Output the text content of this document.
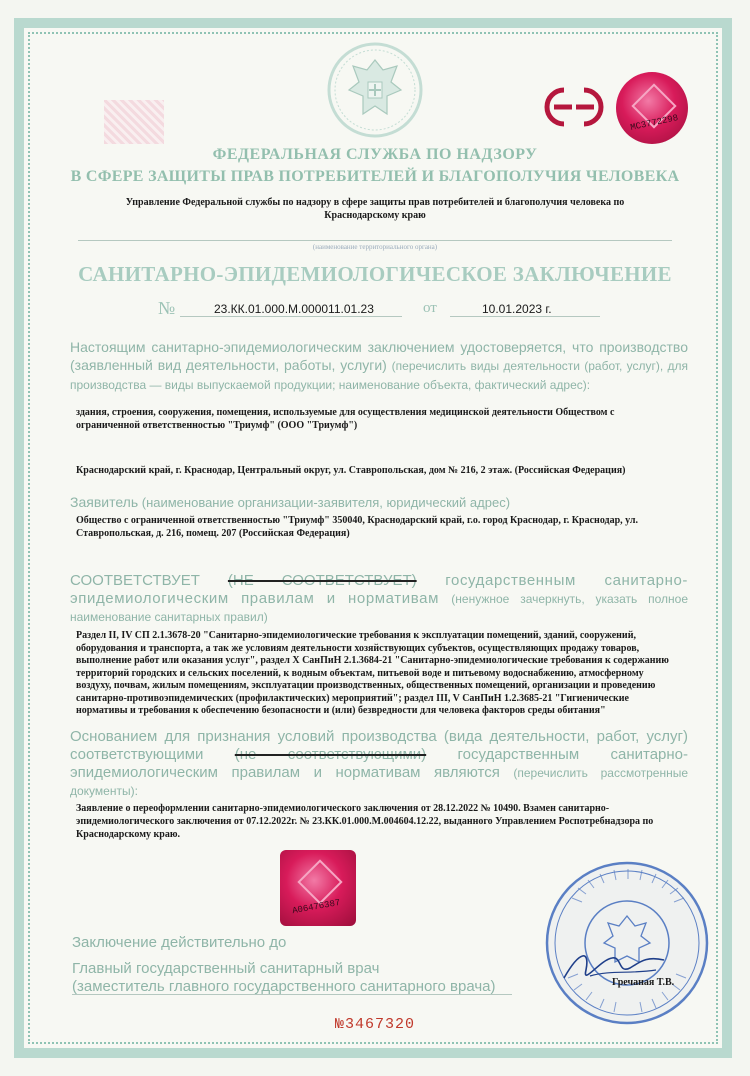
МС3772298
ФЕДЕРАЛЬНАЯ СЛУЖБА ПО НАДЗОРУ
В СФЕРЕ ЗАЩИТЫ ПРАВ ПОТРЕБИТЕЛЕЙ И БЛАГОПОЛУЧИЯ ЧЕЛОВЕКА
Управление Федеральной службы по надзору в сфере защиты прав потребителей и благополучия человека по Краснодарскому краю
(наименование территориального органа)
САНИТАРНО-ЭПИДЕМИОЛОГИЧЕСКОЕ ЗАКЛЮЧЕНИЕ
№	23.КК.01.000.М.000011.01.23	от	10.01.2023 г.
Настоящим санитарно-эпидемиологическим заключением удостоверяется, что производство (заявленный вид деятельности, работы, услуги) (перечислить виды деятельности (работ, услуг), для производства — виды выпускаемой продукции; наименование объекта, фактический адрес):
здания, строения, сооружения, помещения, используемые для осуществления медицинской деятельности Обществом с ограниченной ответственностью "Триумф" (ООО "Триумф")
Краснодарский край, г. Краснодар, Центральный округ, ул. Ставропольская, дом № 216, 2 этаж. (Российская Федерация)
Заявитель (наименование организации-заявителя, юридический адрес)
Общество с ограниченной ответственностью "Триумф" 350040, Краснодарский край, г.о. город Краснодар, г. Краснодар, ул. Ставропольская, д. 216, помещ. 207 (Российская Федерация)
СООТВЕТСТВУЕТ (НЕ СООТВЕТСТВУЕТ) государственным санитарно-эпидемиологическим правилам и нормативам (ненужное зачеркнуть, указать полное наименование санитарных правил)
Раздел II, IV СП 2.1.3678-20 "Санитарно-эпидемиологические требования к эксплуатации помещений, зданий, сооружений, оборудования и транспорта, а так же условиям деятельности хозяйствующих субъектов, осуществляющих продажу товаров, выполнение работ или оказания услуг", раздел X СанПиН 2.1.3684-21 "Санитарно-эпидемиологические требования к содержанию территорий городских и сельских поселений, к водным объектам, питьевой воде и питьевому водоснабжению, атмосферному воздуху, почвам, жилым помещениям, эксплуатации производственных, общественных помещений, организации и проведению санитарно-противоэпидемических (профилактических) мероприятий"; раздел III, V СанПиН 1.2.3685-21 "Гигиенические нормативы и требования к обеспечению безопасности и (или) безвредности для человека факторов среды обитания"
Основанием для признания условий производства (вида деятельности, работ, услуг) соответствующими (не соответствующими) государственным санитарно-эпидемиологическим правилам и нормативам являются (перечислить рассмотренные документы):
Заявление о переоформлении санитарно-эпидемиологического заключения от 28.12.2022 № 10490. Взамен санитарно-эпидемиологического заключения от 07.12.2022г. № 23.КК.01.000.М.004604.12.22, выданного Управлением Роспотребнадзора по Краснодарскому краю.
А06476387
Заключение действительно до
Главный государственный санитарный врач
(заместитель главного государственного санитарного врача)	Гречаная Т.В.
№3467320
